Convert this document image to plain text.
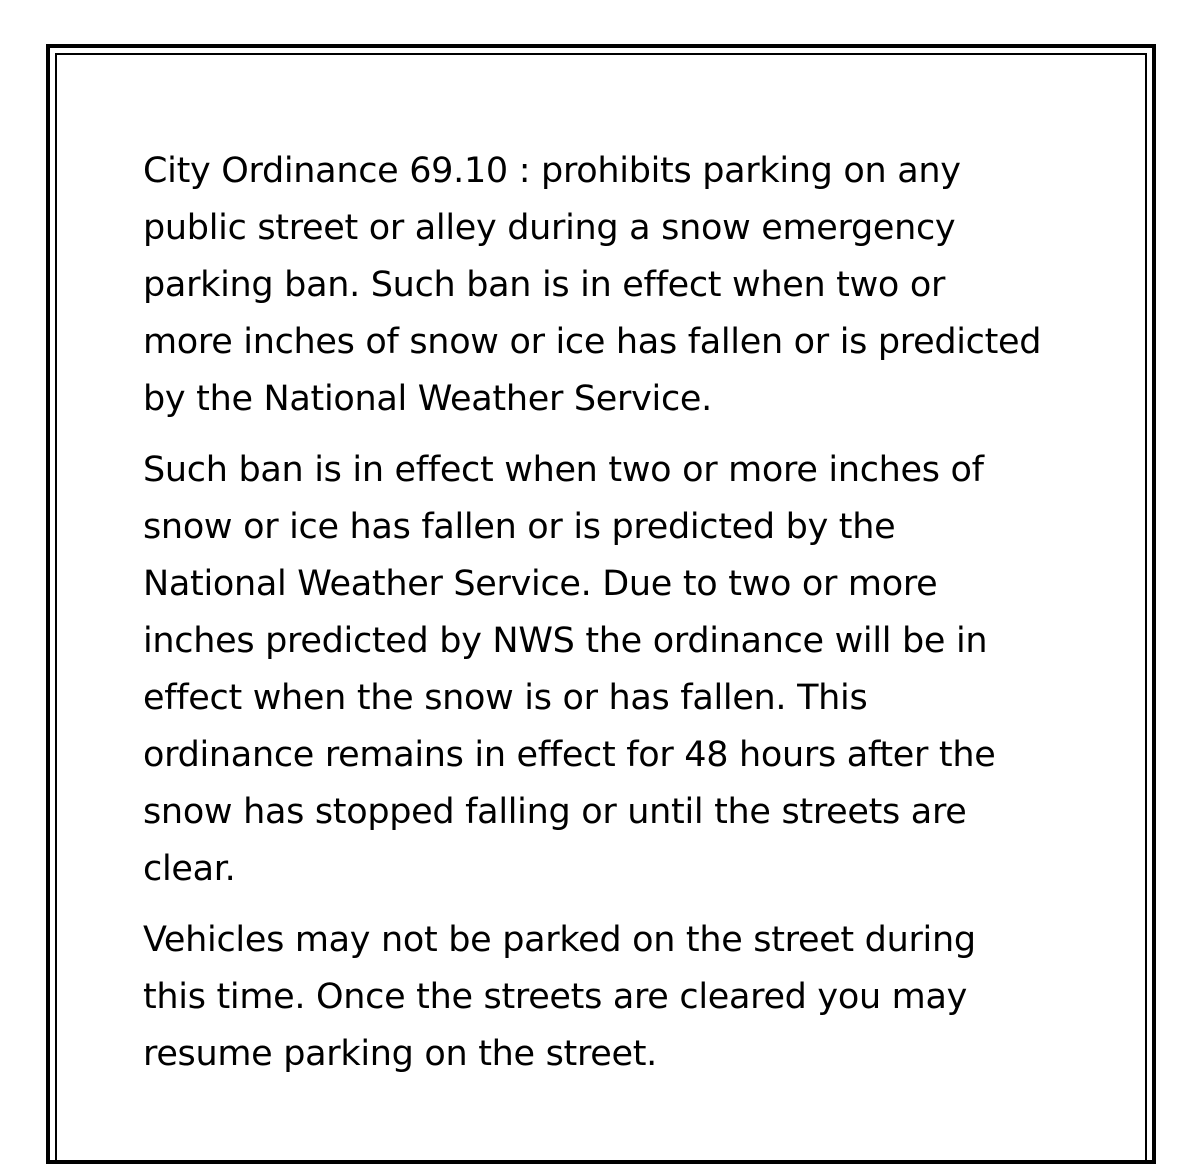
City Ordinance 69.10 : prohibits parking on any
public street or alley during a snow emergency
parking ban. Such ban is in effect when two or
more inches of snow or ice has fallen or is predicted
by the National Weather Service.

Such ban is in effect when two or more inches of
snow or ice has fallen or is predicted by the
National Weather Service. Due to two or more
inches predicted by NWS the ordinance will be in
effect when the snow is or has fallen. This
ordinance remains in effect for 48 hours after the
snow has stopped falling or until the streets are
clear.

Vehicles may not be parked on the street during
this time. Once the streets are cleared you may
resume parking on the street.
